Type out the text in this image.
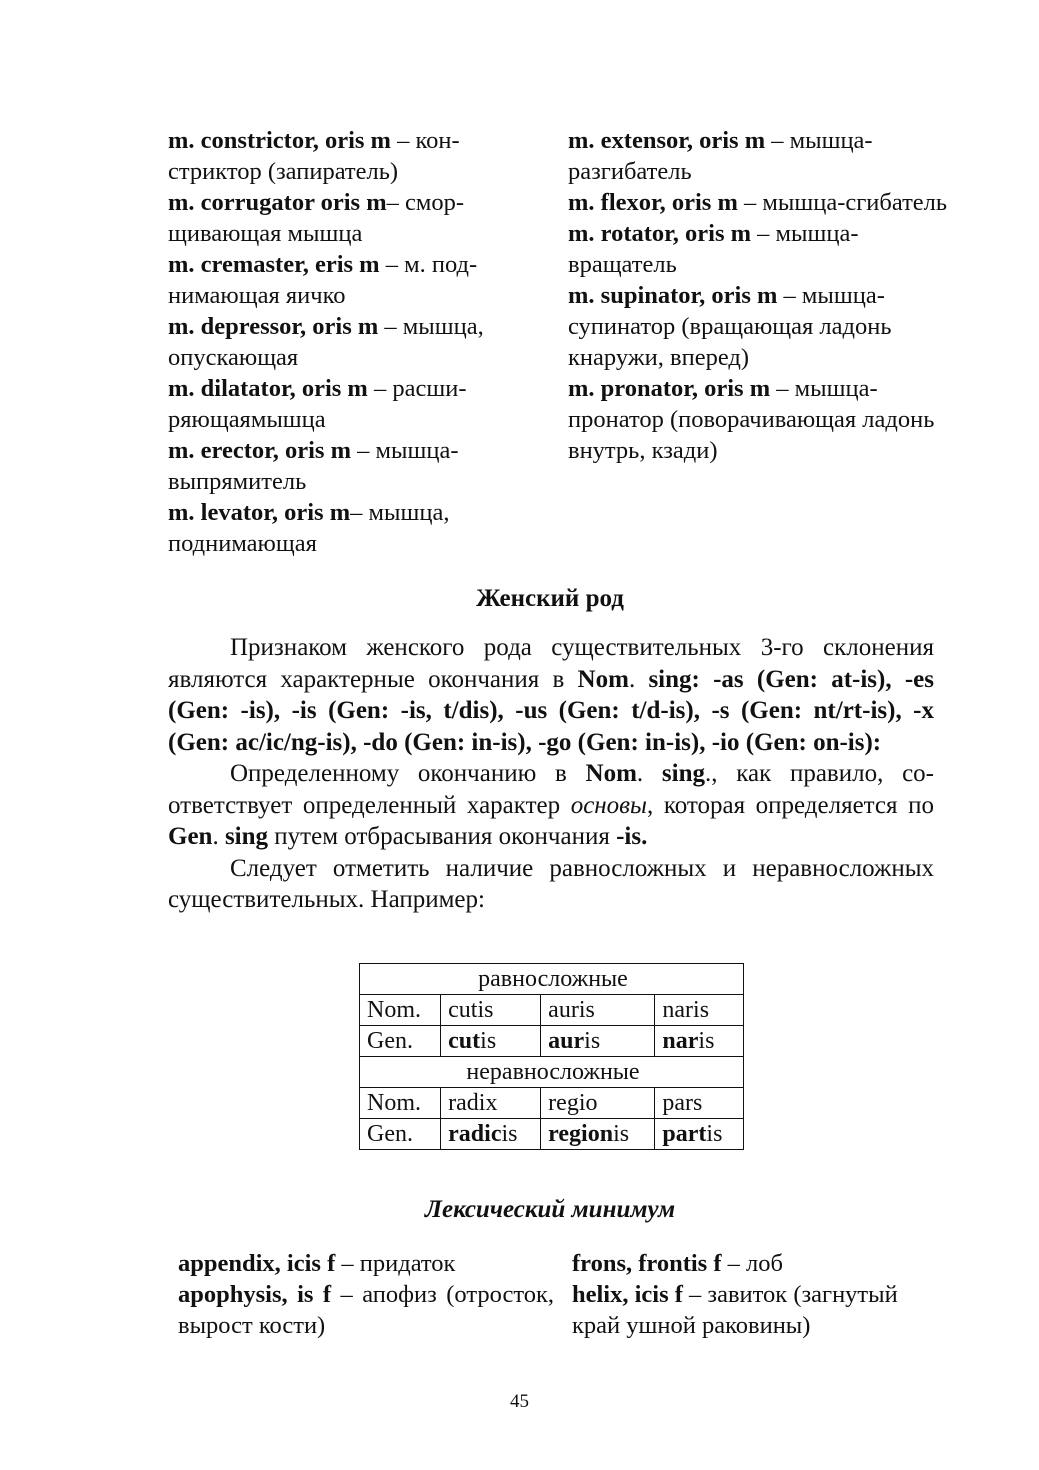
m. constrictor, oris m – констриктор (запиратель)

m. corrugator oris m– сморщивающая мышца

m. cremaster, eris m – м. поднимающая яичко

m. depressor, oris m – мышца, опускающая

m. dilatator, oris m – расширяющаямышца

m. erector, oris m – мышца-выпрямитель

m. levator, oris m– мышца, поднимающая

m. extensor, oris m – мышца-разгибатель

m. flexor, oris m – мышца-сгибатель

m. rotator, oris m – мышца-вращатель

m. supinator, oris m – мышца-супинатор (вращающая ладонь кнаружи, вперед)

m. pronator, oris m – мышца-пронатор (поворачивающая ладонь внутрь, кзади)

Женский род

Признаком женского рода существительных 3-го склонения являются характерные окончания в Nom. sing: -as (Gen: at-is), -es (Gen: -is), -is (Gen: -is, t/dis), -us (Gen: t/d-is), -s (Gen: nt/rt-is), -x (Gen: ac/ic/ng-is), -do (Gen: in-is), -go (Gen: in-is), -io (Gen: on-is):

Определенному окончанию в Nom. sing., как правило, соответствует определенный характер основы, которая определяется по Gen. sing путем отбрасывания окончания -is.

Следует отметить наличие равносложных и неравносложных существительных. Например:

равносложные			
Nom.	cutis	auris	naris
Gen.	cutis	auris	naris
неравносложные			
Nom.	radix	regio	pars
Gen.	radicis	regionis	partis
Лексический минимум

appendix, icis f – придаток

apophysis, is f – апофиз (отросток, вырост кости)

frons, frontis f – лоб

helix, icis f – завиток (загнутый край ушной раковины)

45
